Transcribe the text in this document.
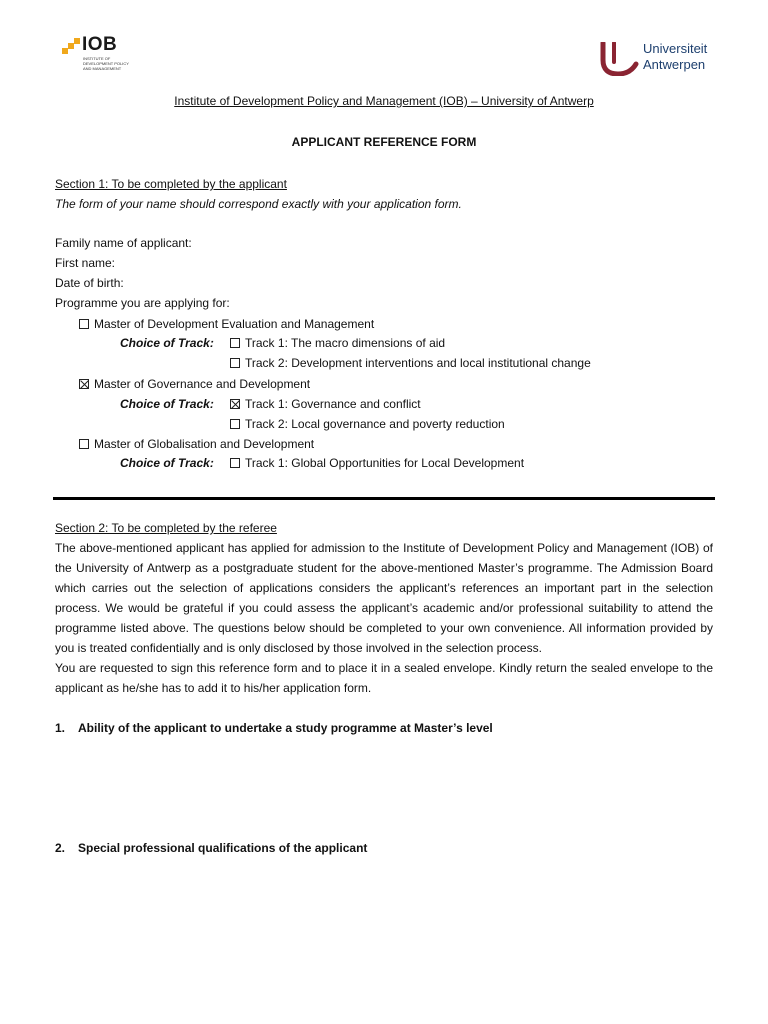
IOB
INSTITUTE OF
DEVELOPMENT POLICY
AND MANAGEMENT
Universiteit
Antwerpen
Institute of Development Policy and Management (IOB) – University of Antwerp
APPLICANT REFERENCE FORM
Section 1: To be completed by the applicant
The form of your name should correspond exactly with your application form.
Family name of applicant:
First name:
Date of birth:
Programme you are applying for:
Master of Development Evaluation and Management
Choice of Track:	Track 1: The macro dimensions of aid
Track 2: Development interventions and local institutional change
Master of Governance and Development
Choice of Track:	Track 1: Governance and conflict
Track 2: Local governance and poverty reduction
Master of Globalisation and Development
Choice of Track:	Track 1: Global Opportunities for Local Development
Section 2: To be completed by the referee
The above-mentioned applicant has applied for admission to the Institute of Development Policy and Management (IOB) of the University of Antwerp as a postgraduate student for the above-mentioned Master’s programme. The Admission Board which carries out the selection of applications considers the applicant’s references an important part in the selection process. We would be grateful if you could assess the applicant’s academic and/or professional suitability to attend the programme listed above. The questions below should be completed to your own convenience. All information provided by you is treated confidentially and is only disclosed by those involved in the selection process.
You are requested to sign this reference form and to place it in a sealed envelope. Kindly return the sealed envelope to the applicant as he/she has to add it to his/her application form.
1. Ability of the applicant to undertake a study programme at Master’s level
2. Special professional qualifications of the applicant
